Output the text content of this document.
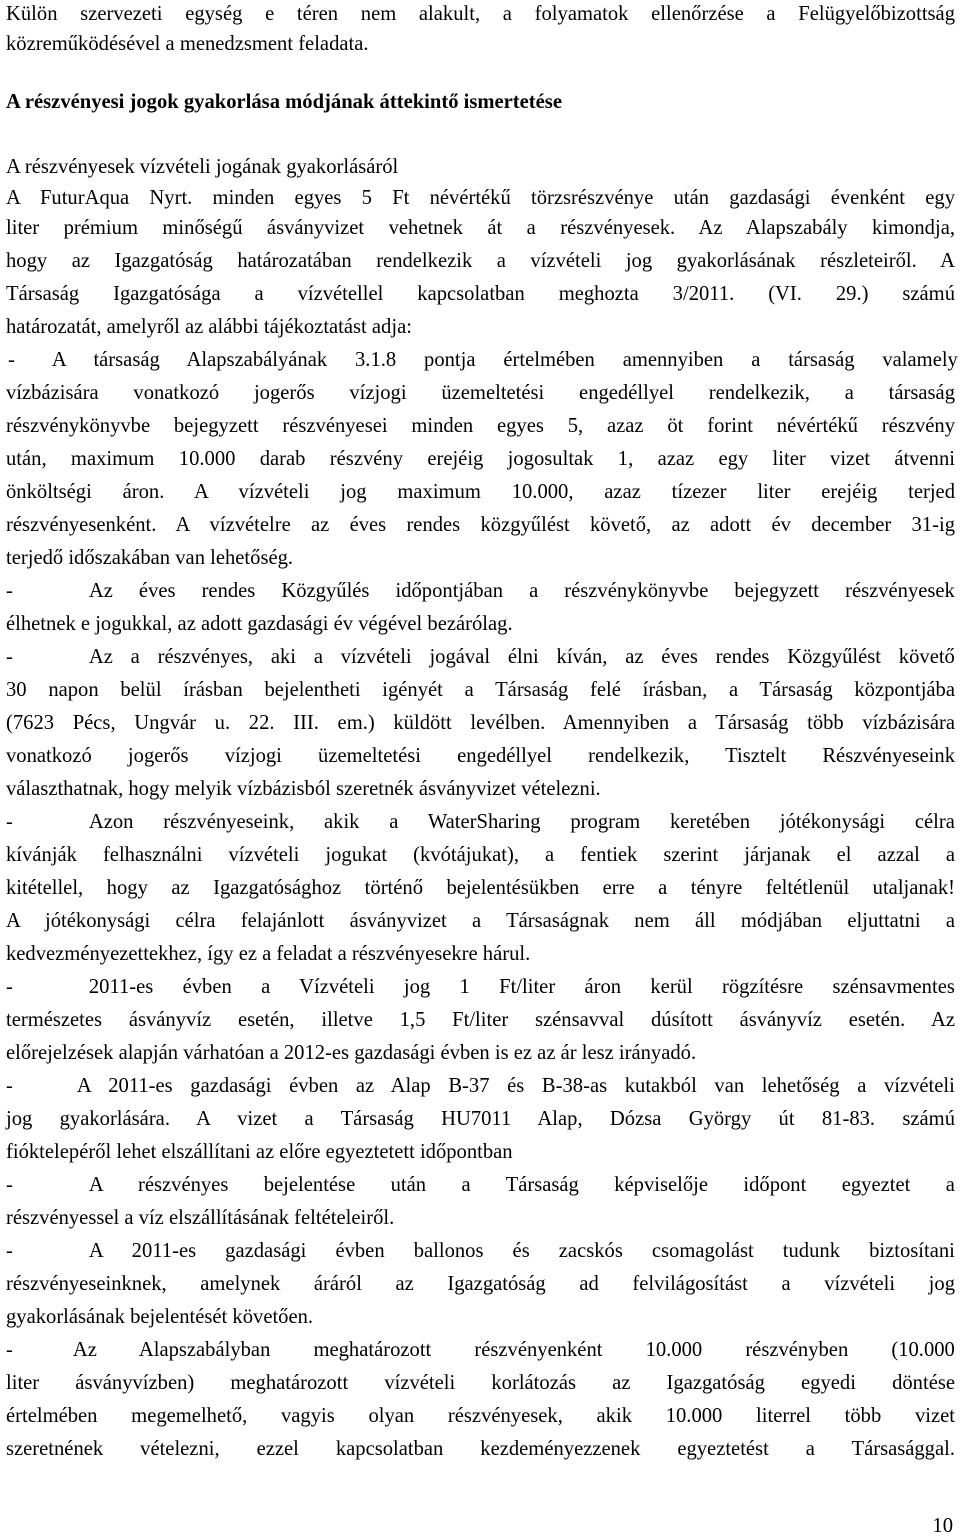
Külön szervezeti egység e téren nem alakult, a folyamatok ellenőrzése a Felügyelőbizottság
közreműködésével a menedzsment feladata.
A részvényesi jogok gyakorlása módjának áttekintő ismertetése
A részvényesek vízvételi jogának gyakorlásáról
A FuturAqua Nyrt. minden egyes 5 Ft névértékű törzsrészvénye után gazdasági évenként egy
liter prémium minőségű ásványvizet vehetnek át a részvényesek. Az Alapszabály kimondja,
hogy az Igazgatóság határozatában rendelkezik a vízvételi jog gyakorlásának részleteiről. A
Társaság Igazgatósága a vízvétellel kapcsolatban meghozta 3/2011. (VI. 29.) számú
határozatát, amelyről az alábbi tájékoztatást adja:
- A társaság Alapszabályának 3.1.8 pontja értelmében amennyiben a társaság valamely
vízbázisára vonatkozó jogerős vízjogi üzemeltetési engedéllyel rendelkezik, a társaság
részvénykönyvbe bejegyzett részvényesei minden egyes 5, azaz öt forint névértékű részvény
után, maximum 10.000 darab részvény erejéig jogosultak 1, azaz egy liter vizet átvenni
önköltségi áron. A vízvételi jog maximum 10.000, azaz tízezer liter erejéig terjed
részvényesenként. A vízvételre az éves rendes közgyűlést követő, az adott év december 31-ig
terjedő időszakában van lehetőség.
-	Az éves rendes Közgyűlés időpontjában a részvénykönyvbe bejegyzett részvényesek
élhetnek e jogukkal, az adott gazdasági év végével bezárólag.
-	Az a részvényes, aki a vízvételi jogával élni kíván, az éves rendes Közgyűlést követő
30 napon belül írásban bejelentheti igényét a Társaság felé írásban, a Társaság központjába
(7623 Pécs, Ungvár u. 22. III. em.) küldött levélben. Amennyiben a Társaság több vízbázisára
vonatkozó jogerős vízjogi üzemeltetési engedéllyel rendelkezik, Tisztelt Részvényeseink
választhatnak, hogy melyik vízbázisból szeretnék ásványvizet vételezni.
-	Azon részvényeseink, akik a WaterSharing program keretében jótékonysági célra
kívánják felhasználni vízvételi jogukat (kvótájukat), a fentiek szerint járjanak el azzal a
kitétellel, hogy az Igazgatósághoz történő bejelentésükben erre a tényre feltétlenül utaljanak!
A jótékonysági célra felajánlott ásványvizet a Társaságnak nem áll módjában eljuttatni a
kedvezményezettekhez, így ez a feladat a részvényesekre hárul.
-	2011-es évben a Vízvételi jog 1 Ft/liter áron kerül rögzítésre szénsavmentes
természetes ásványvíz esetén, illetve 1,5 Ft/liter szénsavval dúsított ásványvíz esetén. Az
előrejelzések alapján várhatóan a 2012-es gazdasági évben is ez az ár lesz irányadó.
-	A 2011-es gazdasági évben az Alap B-37 és B-38-as kutakból van lehetőség a vízvételi
jog gyakorlására. A vizet a Társaság HU7011 Alap, Dózsa György út 81-83. számú
fióktelepéről lehet elszállítani az előre egyeztetett időpontban
-	A részvényes bejelentése után a Társaság képviselője időpont egyeztet a
részvényessel a víz elszállításának feltételeiről.
-	A 2011-es gazdasági évben ballonos és zacskós csomagolást tudunk biztosítani
részvényeseinknek, amelynek áráról az Igazgatóság ad felvilágosítást a vízvételi jog
gyakorlásának bejelentését követően.
-	Az Alapszabályban meghatározott részvényenként 10.000 részvényben (10.000
liter ásványvízben) meghatározott vízvételi korlátozás az Igazgatóság egyedi döntése
értelmében megemelhető, vagyis olyan részvényesek, akik 10.000 literrel több vizet
szeretnének vételezni, ezzel kapcsolatban kezdeményezzenek egyeztetést a Társasággal.
10
